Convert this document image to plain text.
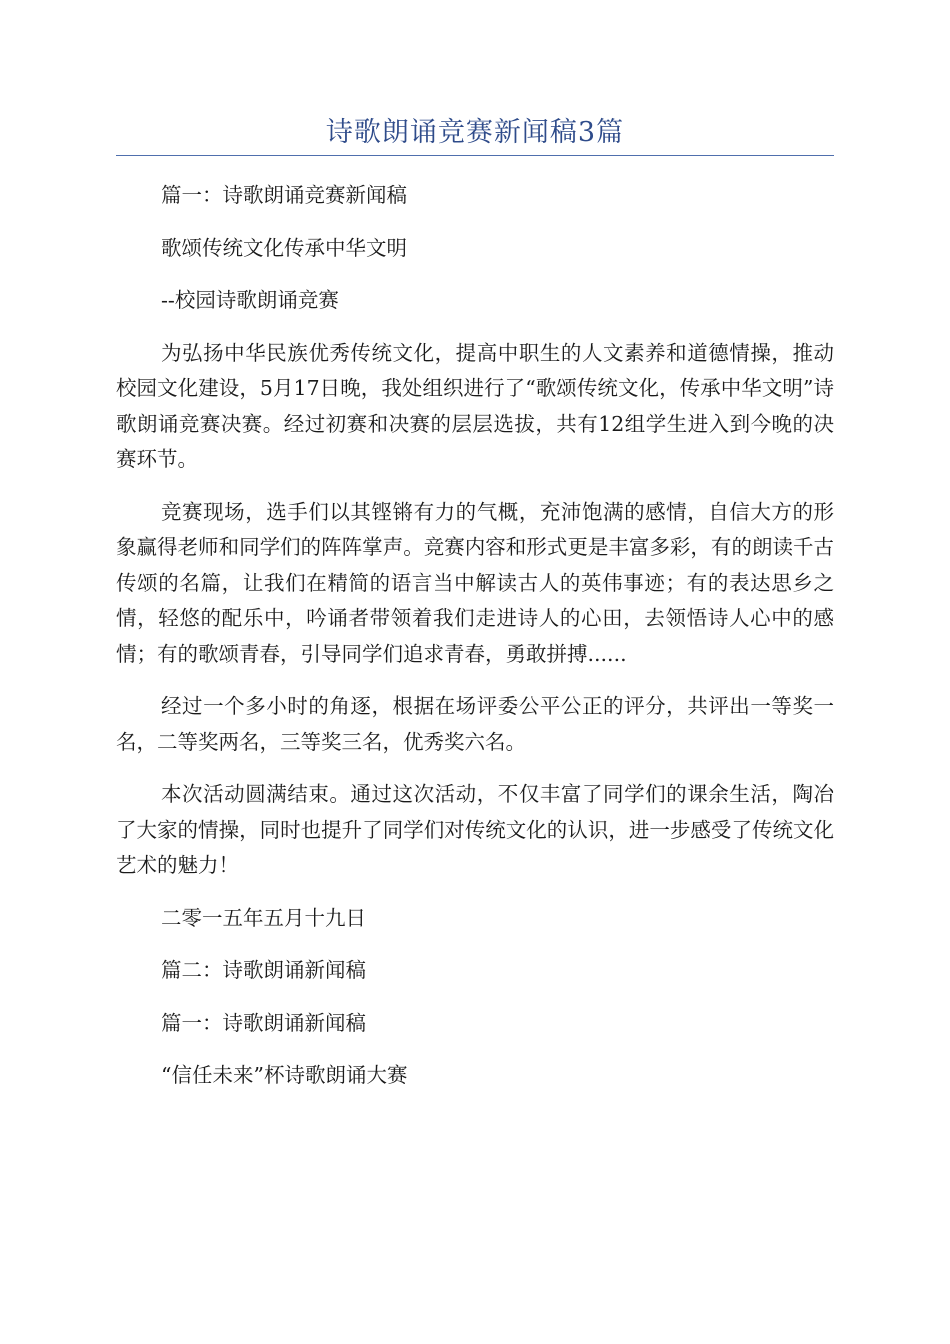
诗歌朗诵竞赛新闻稿3篇

篇一：诗歌朗诵竞赛新闻稿

歌颂传统文化传承中华文明

--校园诗歌朗诵竞赛

为弘扬中华民族优秀传统文化，提高中职生的人文素养和道德情操，推动校园文化建设，5月17日晚，我处组织进行了“歌颂传统文化，传承中华文明”诗歌朗诵竞赛决赛。经过初赛和决赛的层层选拔，共有12组学生进入到今晚的决赛环节。

竞赛现场，选手们以其铿锵有力的气概，充沛饱满的感情，自信大方的形象赢得老师和同学们的阵阵掌声。竞赛内容和形式更是丰富多彩，有的朗读千古传颂的名篇，让我们在精简的语言当中解读古人的英伟事迹；有的表达思乡之情，轻悠的配乐中，吟诵者带领着我们走进诗人的心田，去领悟诗人心中的感情；有的歌颂青春，引导同学们追求青春，勇敢拼搏......

经过一个多小时的角逐，根据在场评委公平公正的评分，共评出一等奖一名，二等奖两名，三等奖三名，优秀奖六名。

本次活动圆满结束。通过这次活动，不仅丰富了同学们的课余生活，陶冶了大家的情操，同时也提升了同学们对传统文化的认识，进一步感受了传统文化艺术的魅力！

二零一五年五月十九日

篇二：诗歌朗诵新闻稿

篇一：诗歌朗诵新闻稿

“信任未来”杯诗歌朗诵大赛
